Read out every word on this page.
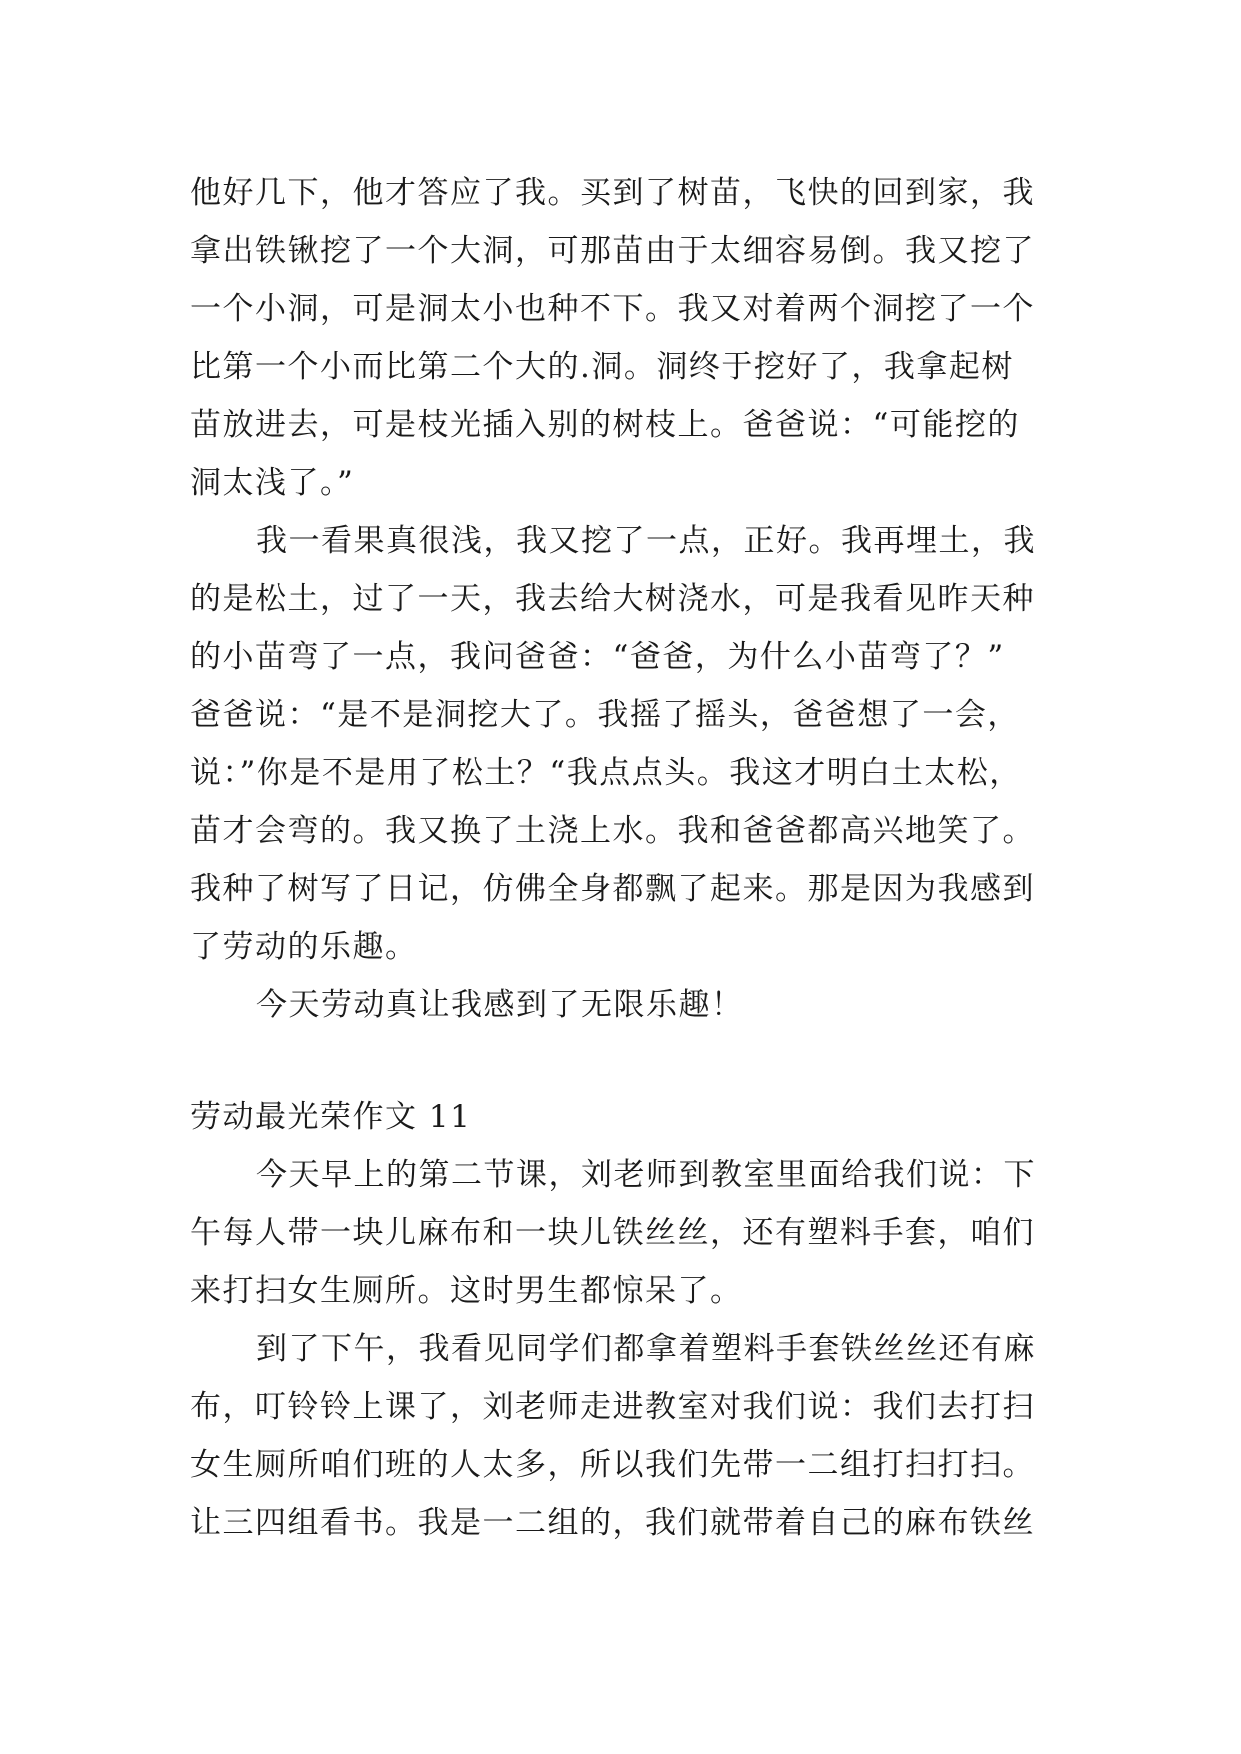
他好几下，他才答应了我。买到了树苗，飞快的回到家，我
拿出铁锹挖了一个大洞，可那苗由于太细容易倒。我又挖了
一个小洞，可是洞太小也种不下。我又对着两个洞挖了一个
比第一个小而比第二个大的.洞。洞终于挖好了，我拿起树
苗放进去，可是枝光插入别的树枝上。爸爸说：“可能挖的
洞太浅了。”
我一看果真很浅，我又挖了一点，正好。我再埋土，我
的是松土，过了一天，我去给大树浇水，可是我看见昨天种
的小苗弯了一点，我问爸爸：“爸爸，为什么小苗弯了？”
爸爸说：“是不是洞挖大了。我摇了摇头，爸爸想了一会，
说：”你是不是用了松土？“我点点头。我这才明白土太松，
苗才会弯的。我又换了土浇上水。我和爸爸都高兴地笑了。
我种了树写了日记，仿佛全身都飘了起来。那是因为我感到
了劳动的乐趣。
今天劳动真让我感到了无限乐趣！
劳动最光荣作文 11
今天早上的第二节课，刘老师到教室里面给我们说：下
午每人带一块儿麻布和一块儿铁丝丝，还有塑料手套，咱们
来打扫女生厕所。这时男生都惊呆了。
到了下午，我看见同学们都拿着塑料手套铁丝丝还有麻
布，叮铃铃上课了，刘老师走进教室对我们说：我们去打扫
女生厕所咱们班的人太多，所以我们先带一二组打扫打扫。
让三四组看书。我是一二组的，我们就带着自己的麻布铁丝
